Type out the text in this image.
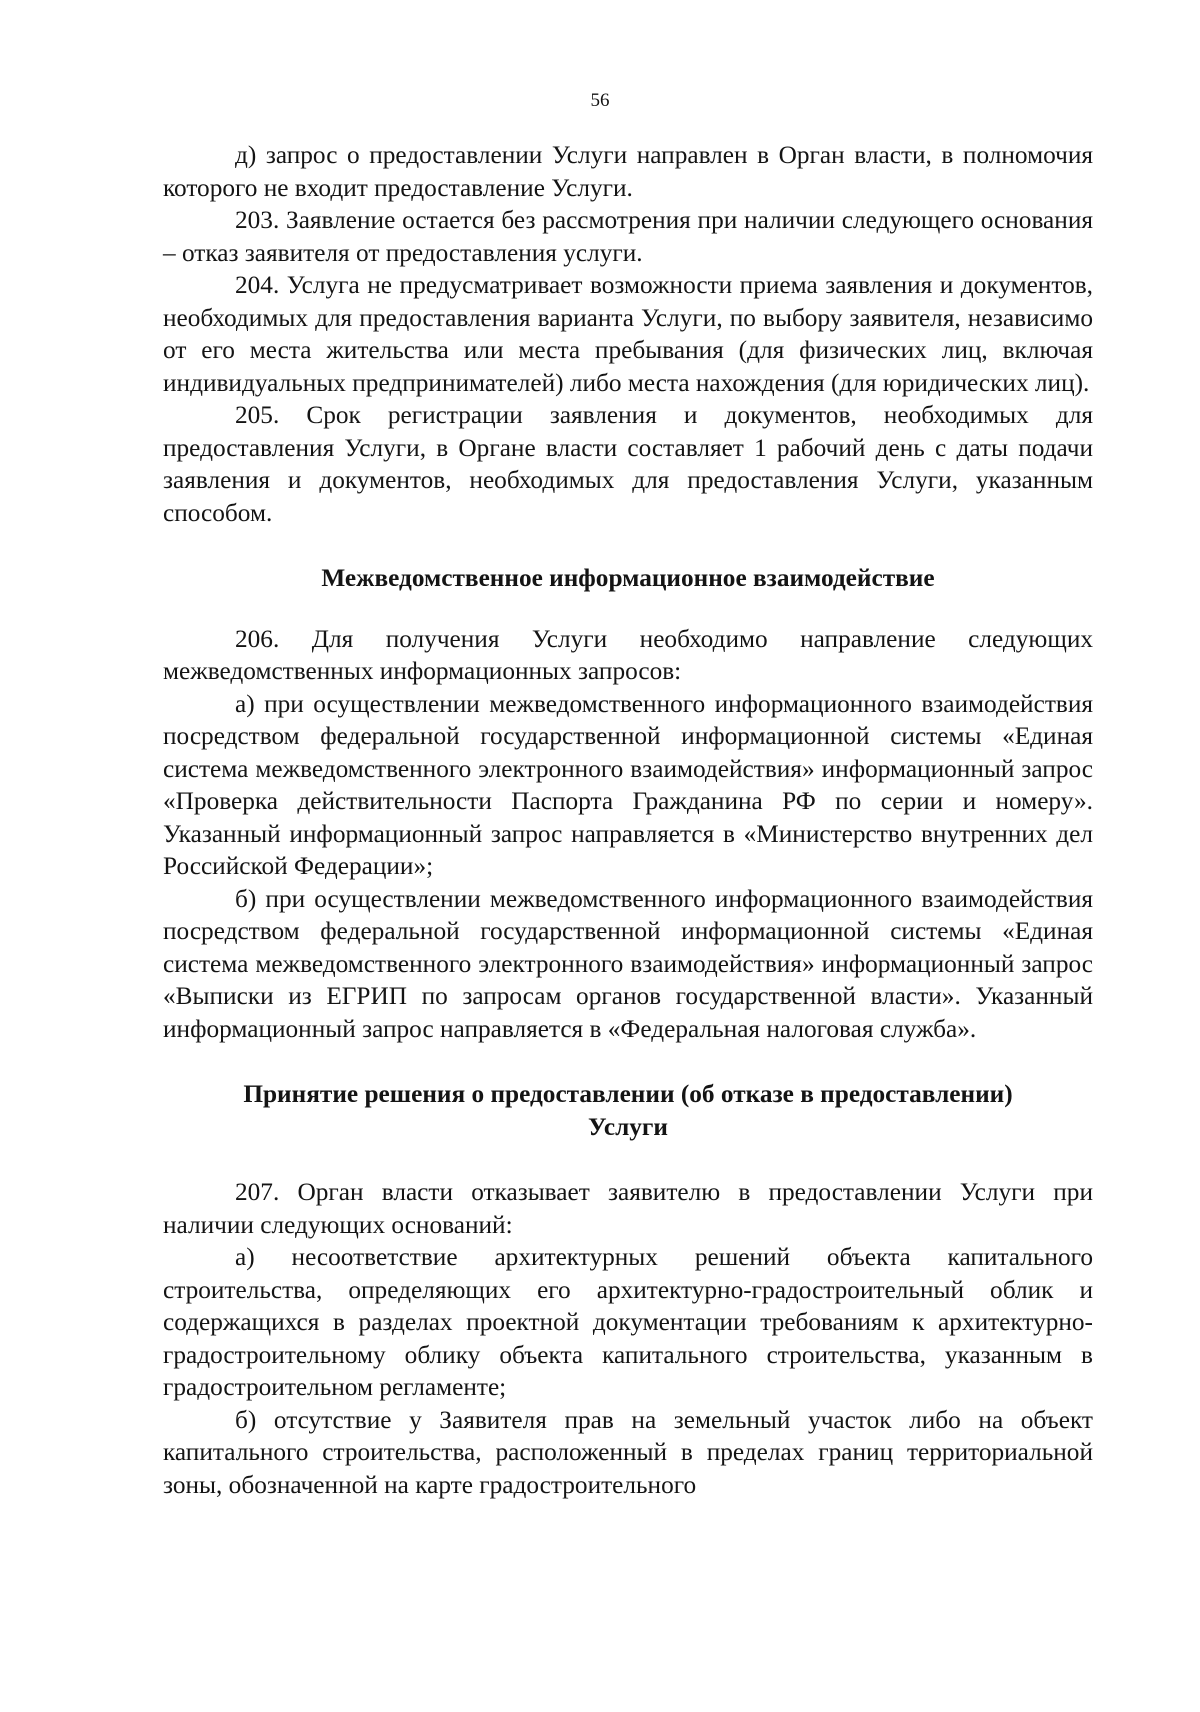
56

д) запрос о предоставлении Услуги направлен в Орган власти, в полномочия которого не входит предоставление Услуги.

203. Заявление остается без рассмотрения при наличии следующего основания – отказ заявителя от предоставления услуги.

204. Услуга не предусматривает возможности приема заявления и документов, необходимых для предоставления варианта Услуги, по выбору заявителя, независимо от его места жительства или места пребывания (для физических лиц, включая индивидуальных предпринимателей) либо места нахождения (для юридических лиц).

205. Срок регистрации заявления и документов, необходимых для предоставления Услуги, в Органе власти составляет 1 рабочий день с даты подачи заявления и документов, необходимых для предоставления Услуги, указанным способом.

Межведомственное информационное взаимодействие

206. Для получения Услуги необходимо направление следующих межведомственных информационных запросов:

а) при осуществлении межведомственного информационного взаимодействия посредством федеральной государственной информационной системы «Единая система межведомственного электронного взаимодействия» информационный запрос «Проверка действительности Паспорта Гражданина РФ по серии и номеру». Указанный информационный запрос направляется в «Министерство внутренних дел Российской Федерации»;

б) при осуществлении межведомственного информационного взаимодействия посредством федеральной государственной информационной системы «Единая система межведомственного электронного взаимодействия» информационный запрос «Выписки из ЕГРИП по запросам органов государственной власти». Указанный информационный запрос направляется в «Федеральная налоговая служба».

Принятие решения о предоставлении (об отказе в предоставлении)
Услуги

207. Орган власти отказывает заявителю в предоставлении Услуги при наличии следующих оснований:

а) несоответствие архитектурных решений объекта капитального строительства, определяющих его архитектурно-градостроительный облик и содержащихся в разделах проектной документации требованиям к архитектурно-градостроительному облику объекта капитального строительства, указанным в градостроительном регламенте;

б) отсутствие у Заявителя прав на земельный участок либо на объект капитального строительства, расположенный в пределах границ территориальной зоны, обозначенной на карте градостроительного
